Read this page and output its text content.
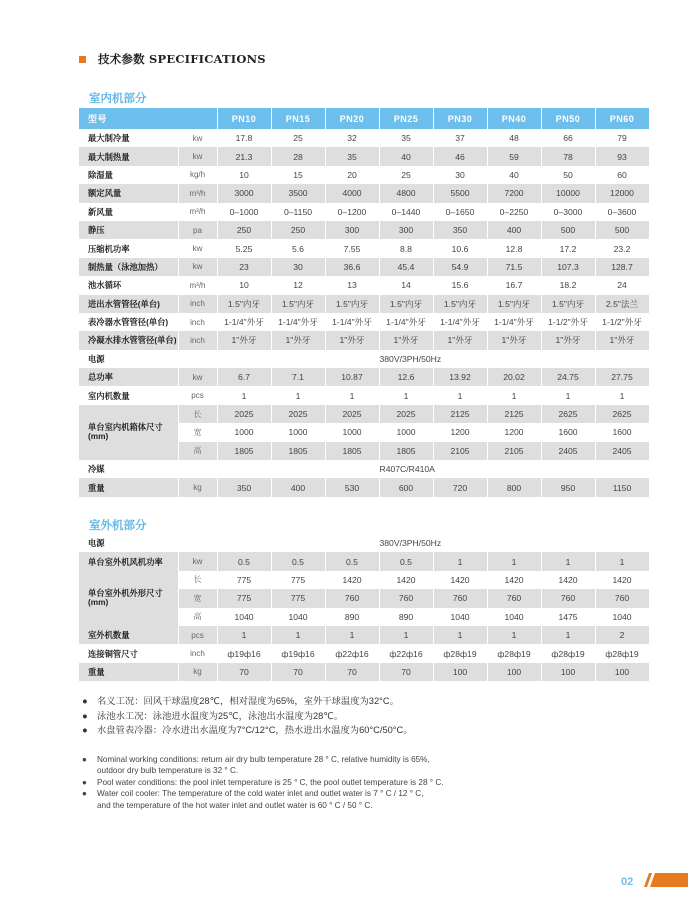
技术参数 SPECIFICATIONS
室内机部分
型号		PN10	PN15	PN20	PN25	PN30	PN40	PN50	PN60
最大制冷量	kw	17.8	25	32	35	37	48	66	79
最大制热量	kw	21.3	28	35	40	46	59	78	93
除湿量	kg/h	10	15	20	25	30	40	50	60
额定风量	m³/h	3000	3500	4000	4800	5500	7200	10000	12000
新风量	m³/h	0–1000	0–1150	0–1200	0–1440	0–1650	0–2250	0–3000	0–3600
静压	pa	250	250	300	300	350	400	500	500
压缩机功率	kw	5.25	5.6	7.55	8.8	10.6	12.8	17.2	23.2
制热量（泳池加热）	kw	23	30	36.6	45.4	54.9	71.5	107.3	128.7
池水循环	m³/h	10	12	13	14	15.6	16.7	18.2	24
进出水管管径(单台)	inch	1.5"内牙	1.5"内牙	1.5"内牙	1.5"内牙	1.5"内牙	1.5"内牙	1.5"内牙	2.5"法兰
表冷器水管管径(单台)	inch	1-1/4"外牙	1-1/4"外牙	1-1/4"外牙	1-1/4"外牙	1-1/4"外牙	1-1/4"外牙	1-1/2"外牙	1-1/2"外牙
冷凝水排水管管径(单台)	inch	1"外牙	1"外牙	1"外牙	1"外牙	1"外牙	1"外牙	1"外牙	1"外牙
电源					380V/3PH/50Hz				
总功率	kw	6.7	7.1	10.87	12.6	13.92	20.02	24.75	27.75
室内机数量	pcs	1	1	1	1	1	1	1	1
单台室内机箱体尺寸
(mm)	长	2025	2025	2025	2025	2125	2125	2625	2625
	宽	1000	1000	1000	1000	1200	1200	1600	1600
	高	1805	1805	1805	1805	2105	2105	2405	2405
冷媒					R407C/R410A				
重量	kg	350	400	530	600	720	800	950	1150
室外机部分
电源					380V/3PH/50Hz				
单台室外机风机功率	kw	0.5	0.5	0.5	0.5	1	1	1	1
单台室外机外形尺寸
(mm)	长	775	775	1420	1420	1420	1420	1420	1420
	宽	775	775	760	760	760	760	760	760
	高	1040	1040	890	890	1040	1040	1475	1040
室外机数量	pcs	1	1	1	1	1	1	1	2
连接铜管尺寸	inch	ф19ф16	ф19ф16	ф22ф16	ф22ф16	ф28ф19	ф28ф19	ф28ф19	ф28ф19
重量	kg	70	70	70	70	100	100	100	100
● 名义工况：回风干球温度28℃，相对湿度为65%，室外干球温度为32°C。
● 泳池水工况：泳池进水温度为25℃，泳池出水温度为28℃。
● 水盘管表冷器：冷水进出水温度为7°C/12°C，热水进出水温度为60°C/50°C。
● Nominal working conditions: return air dry bulb temperature 28 ° C, relative humidity is 65%,
outdoor dry bulb temperature is 32 ° C.
● Pool water conditions: the pool inlet temperature is 25 ° C, the pool outlet temperature is 28 ° C.
● Water coil cooler: The temperature of the cold water inlet and outlet water is 7 ° C / 12 ° C,
and the temperature of the hot water inlet and outlet water is 60 ° C / 50 ° C.
02
